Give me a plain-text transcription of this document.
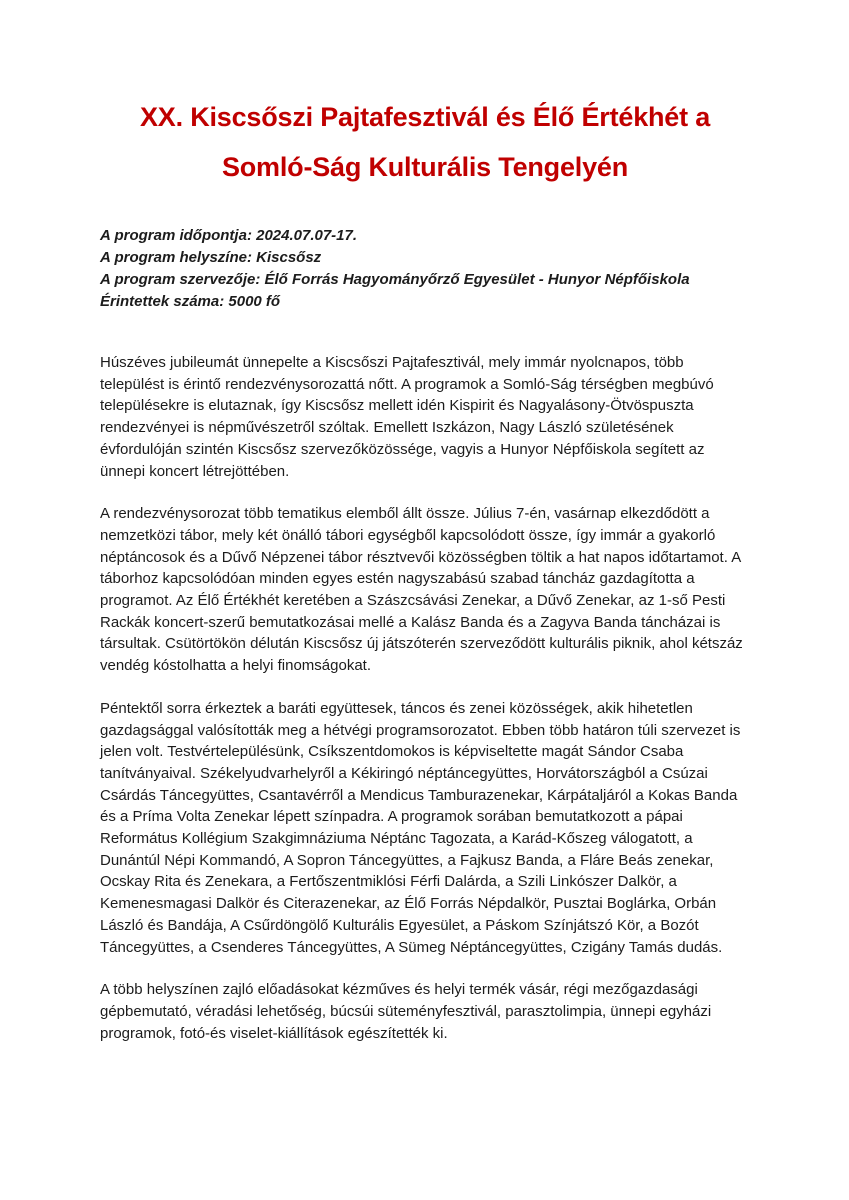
XX. Kiscsőszi Pajtafesztivál és Élő Értékhét a
Somló-Ság Kulturális Tengelyén
A program időpontja: 2024.07.07-17.
A program helyszíne: Kiscsősz
A program szervezője: Élő Forrás Hagyományőrző Egyesület - Hunyor Népfőiskola
Érintettek száma: 5000 fő

Húszéves jubileumát ünnepelte a Kiscsőszi Pajtafesztivál, mely immár nyolcnapos, több települést is érintő rendezvénysorozattá nőtt. A programok a Somló-Ság térségben megbúvó településekre is elutaznak, így Kiscsősz mellett idén Kispirit és Nagyalásony-Ötvöspuszta rendezvényei is népművészetről szóltak. Emellett Iszkázon, Nagy László születésének évfordulóján szintén Kiscsősz szervezőközössége, vagyis a Hunyor Népfőiskola segített az ünnepi koncert létrejöttében.

A rendezvénysorozat több tematikus elemből állt össze. Július 7-én, vasárnap elkezdődött a nemzetközi tábor, mely két önálló tábori egységből kapcsolódott össze, így immár a gyakorló néptáncosok és a Dűvő Népzenei tábor résztvevői közösségben töltik a hat napos időtartamot. A táborhoz kapcsolódóan minden egyes estén nagyszabású szabad táncház gazdagította a programot. Az Élő Értékhét keretében a Szászcsávási Zenekar, a Dűvő Zenekar, az 1-ső Pesti Rackák koncert-szerű bemutatkozásai mellé a Kalász Banda és a Zagyva Banda táncházai is társultak. Csütörtökön délután Kiscsősz új játszóterén szerveződött kulturális piknik, ahol kétszáz vendég kóstolhatta a helyi finomságokat.

Péntektől sorra érkeztek a baráti együttesek, táncos és zenei közösségek, akik hihetetlen gazdagsággal valósították meg a hétvégi programsorozatot. Ebben több határon túli szervezet is jelen volt. Testvértelepülésünk, Csíkszentdomokos is képviseltette magát Sándor Csaba tanítványaival. Székelyudvarhelyről a Kékiringó néptáncegyüttes, Horvátországból a Csúzai Csárdás Táncegyüttes, Csantavérről a Mendicus Tamburazenekar, Kárpátaljáról a Kokas Banda és a Príma Volta Zenekar lépett színpadra. A programok sorában bemutatkozott a pápai Református Kollégium Szakgimnáziuma Néptánc Tagozata, a Karád-Kőszeg válogatott, a Dunántúl Népi Kommandó, A Sopron Táncegyüttes, a Fajkusz Banda, a Fláre Beás zenekar, Ocskay Rita és Zenekara, a Fertőszentmiklósi Férfi Dalárda, a Szili Linkószer Dalkör, a Kemenesmagasi Dalkör és Citerazenekar, az Élő Forrás Népdalkör, Pusztai Boglárka, Orbán László és Bandája, A Csűrdöngölő Kulturális Egyesület, a Páskom Színjátszó Kör, a Bozót Táncegyüttes, a Csenderes Táncegyüttes, A Sümeg Néptáncegyüttes, Czigány Tamás dudás.

A több helyszínen zajló előadásokat kézműves és helyi termék vásár, régi mezőgazdasági gépbemutató, véradási lehetőség, búcsúi süteményfesztivál, parasztolimpia, ünnepi egyházi programok, fotó-és viselet-kiállítások egészítették ki.
